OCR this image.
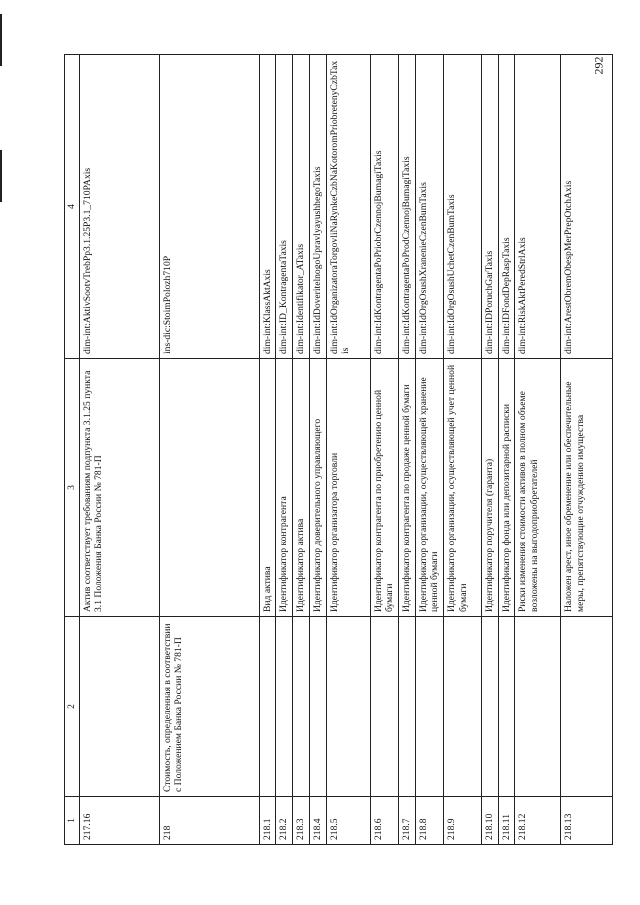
292
1	2	3	4
217.16		Актив соответствует требованиям подпункта 3.1.25 пункта 3.1 Положения Банка России № 781-П	dim-int:AktivSootvTrebPp3.1.25P3.1_710PAxis
218	Стоимость, определенная в соответствии с Положением Банка России № 781-П		ins-dic:StoimPolozh710P
218.1		Вид актива	dim-int:KlassAktAxis
218.2		Идентификатор контрагента	dim-int:ID_KontragentaTaxis
218.3		Идентификатор актива	dim-int:Identifikator_ATaxis
218.4		Идентификатор доверительного управляющего	dim-int:IdDoveritelnogoUpravlyayushhegoTaxis
218.5		Идентификатор организатора торговли	dim-int:IdOrganizatoraTorgovliNaRynkeCzbNaKotoromPriobretenyCzbTaxis
218.6		Идентификатор контрагента по приобретению ценной бумаги	dim-int:IdKontragentaPoPriobrCzennojBumagiTaxis
218.7		Идентификатор контрагента по продаже ценной бумаги	dim-int:IdKontragentaPoProdCzennojBumagiTaxis
218.8		Идентификатор организации, осуществляющей хранение ценной бумаги	dim-int:IdOrgOsushXranenieCzenBumTaxis
218.9		Идентификатор организации, осуществляющей учет ценной бумаги	dim-int:IdOrgOsushUchetCzenBumTaxis
218.10		Идентификатор поручителя (гаранта)	dim-int:IDPoruchGarTaxis
218.11		Идентификатор фонда или депозитарной расписки	dim-int:IDFondDepRaspTaxis
218.12		Риски изменения стоимости активов в полном объеме возложены на выгодоприобретателей	dim-int:RiskAktPeredStrlAxis
218.13		Наложен арест, иное обременение или обеспечительные меры, препятствующие отчуждению имущества	dim-int:ArestObremObespMerPrepOtchAxis
